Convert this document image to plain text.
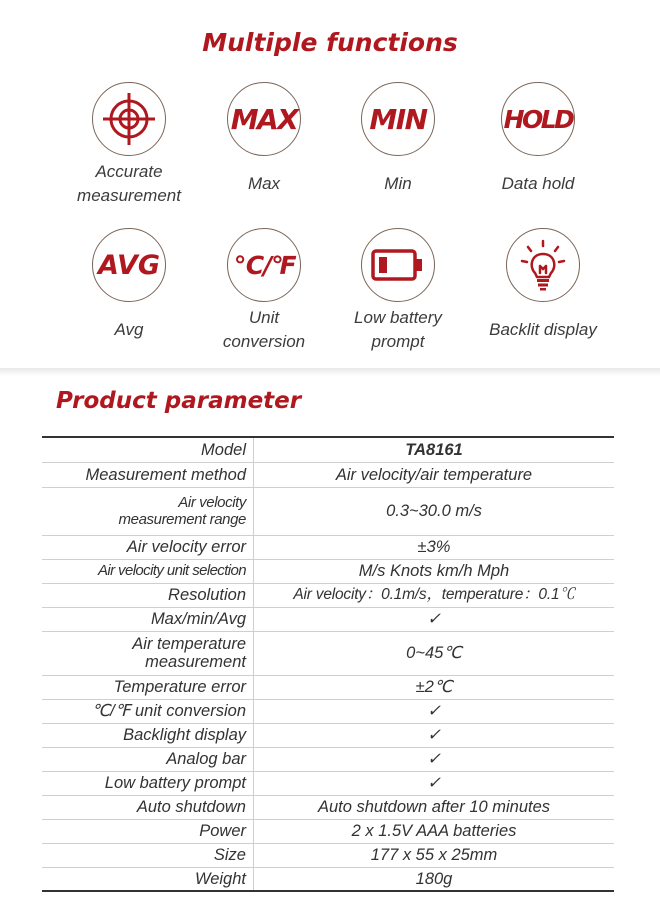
Multiple functions
Accurate
measurement
MAX
Max
MIN
Min
HOLD
Data hold
AVG
Avg
℃/℉
Unit
conversion
Low battery
prompt
Backlit display
Product parameter
Model	TA8161
Measurement method	Air velocity/air temperature

Air velocity
measurement range	0.3~30.0 m/s
Air velocity error	±3%
Air velocity unit selection	M/s Knots km/h Mph
Resolution	Air velocity：0.1m/s，temperature：0.1℃
Max/min/Avg	✓

Air temperature
measurement	0~45℃
Temperature error	±2℃
℃/℉ unit conversion	✓
Backlight display	✓
Analog bar	✓
Low battery prompt	✓
Auto shutdown	Auto shutdown after 10 minutes
Power	2 x 1.5V AAA batteries
Size	177 x 55 x 25mm
Weight	180g
